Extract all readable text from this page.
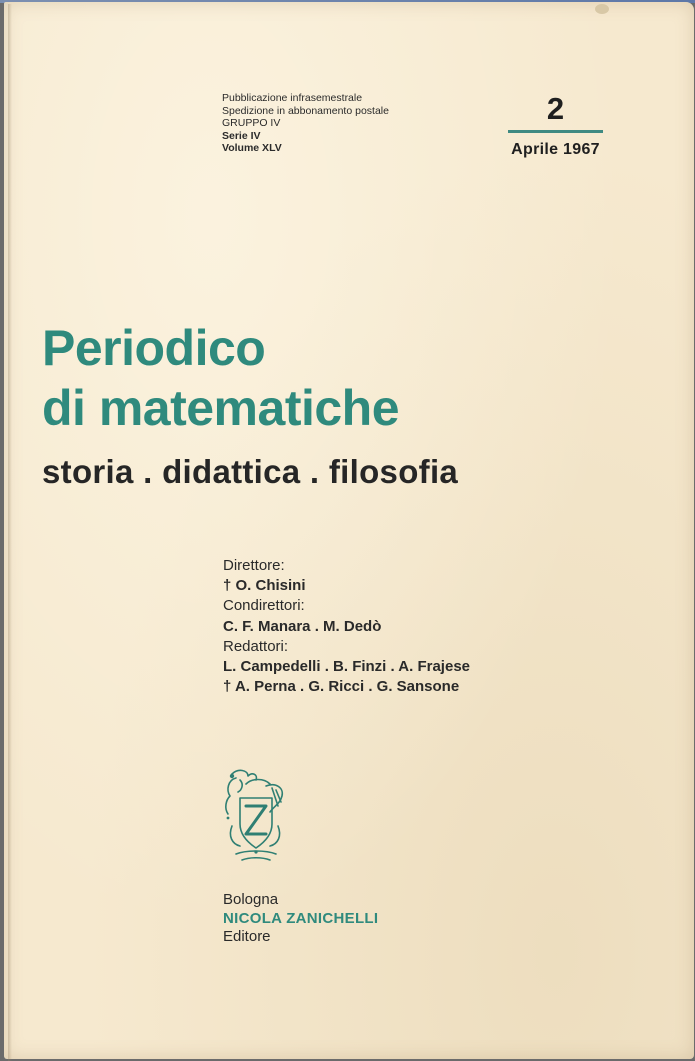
Pubblicazione infrasemestrale
Spedizione in abbonamento postale
GRUPPO IV
Serie IV
Volume XLV
2
Aprile 1967
Periodico
di matematiche
storia . didattica . filosofia
Direttore:
† O. Chisini
Condirettori:
C. F. Manara . M. Dedò
Redattori:
L. Campedelli . B. Finzi . A. Frajese
† A. Perna . G. Ricci . G. Sansone
Bologna
NICOLA ZANICHELLI
Editore
